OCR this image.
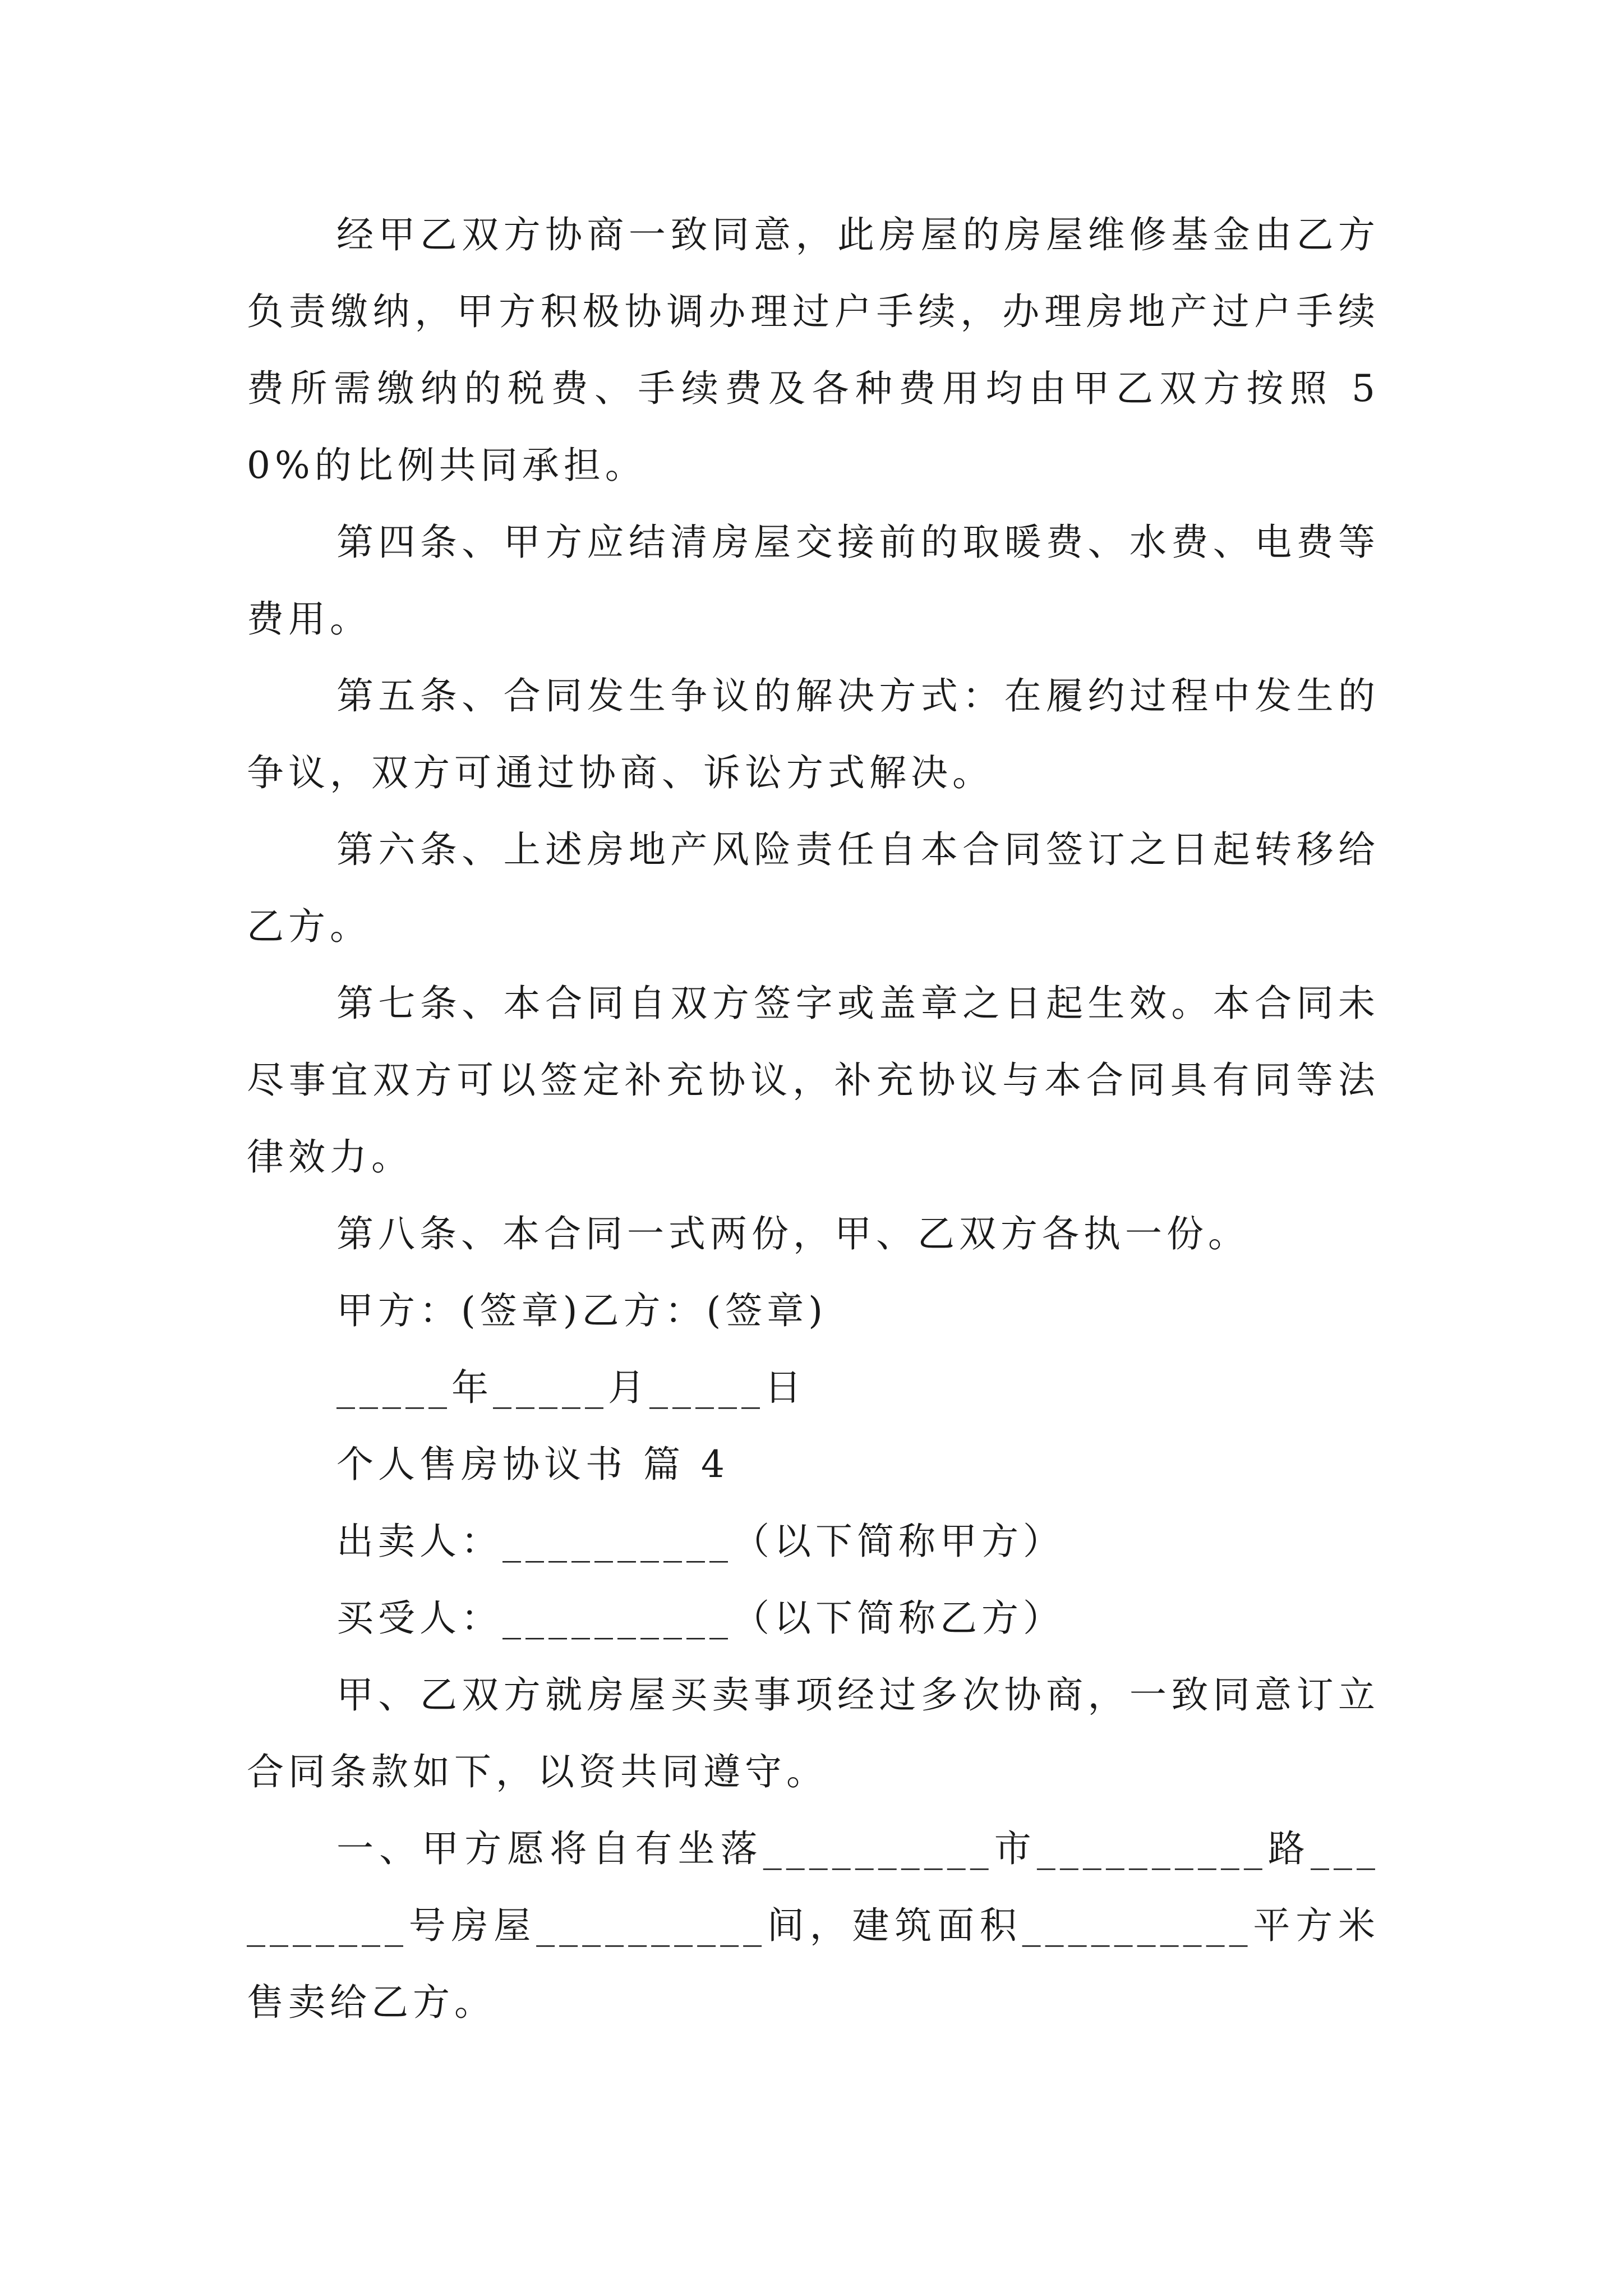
经甲乙双方协商一致同意，此房屋的房屋维修基金由乙方负责缴纳，甲方积极协调办理过户手续，办理房地产过户手续费所需缴纳的税费、手续费及各种费用均由甲乙双方按照 50%的比例共同承担。

第四条、甲方应结清房屋交接前的取暖费、水费、电费等费用。

第五条、合同发生争议的解决方式：在履约过程中发生的争议，双方可通过协商、诉讼方式解决。

第六条、上述房地产风险责任自本合同签订之日起转移给乙方。

第七条、本合同自双方签字或盖章之日起生效。本合同未尽事宜双方可以签定补充协议，补充协议与本合同具有同等法律效力。

第八条、本合同一式两份，甲、乙双方各执一份。

甲方：(签章)乙方：(签章)

_____年_____月_____日

个人售房协议书 篇 4

出卖人：__________（以下简称甲方）

买受人：__________（以下简称乙方）

甲、乙双方就房屋买卖事项经过多次协商，一致同意订立合同条款如下，以资共同遵守。

一、甲方愿将自有坐落__________市__________路__________号房屋__________间，建筑面积__________平方米售卖给乙方。
